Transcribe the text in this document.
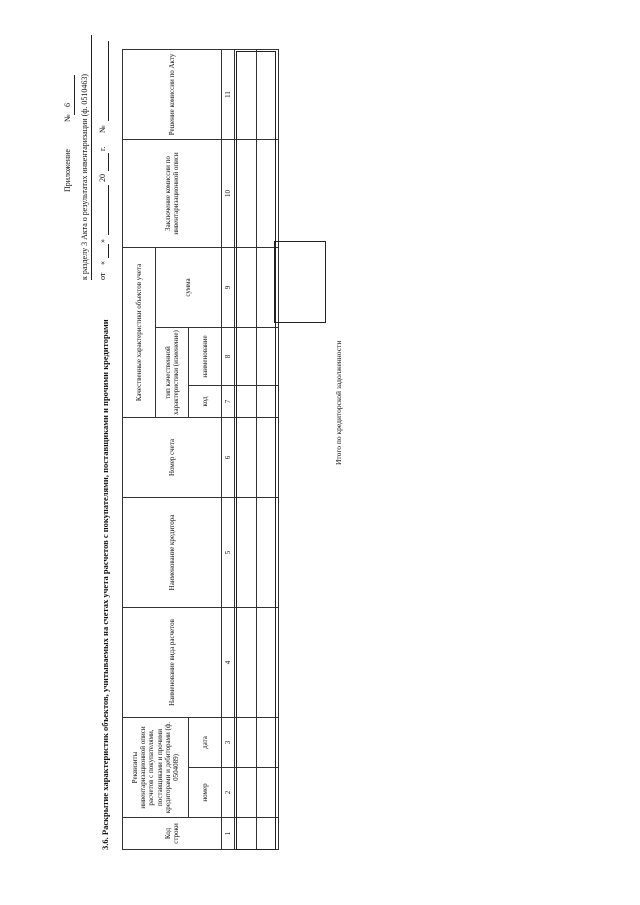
Приложение
№
6 к разделу 3 Акта о результатах инвентаризации (ф. 0510463) от
«
»
20
г.
№
3.6. Раскрытие характеристик объектов, учитываемых на счетах учета расчетов с покупателями, поставщиками и прочими кредиторами	Код строки	Реквизиты инвентаризационной описи расчетов с покупателями, поставщиками и прочими кредиторами и дебиторами (ф. 0504089)		Наименование вида расчетов	Наименование кредитора	Номер счета	Качественные характеристики объектов учета			Заключение комиссии по инвентаризационной описи	Решение комиссии по Акту
						тип качественной характеристики (изменение)		сумма		
	номер	дата				код	наименование			
1	2	3	4	5	6	7	8	9	10	11

Итого по кредиторской задолженности
